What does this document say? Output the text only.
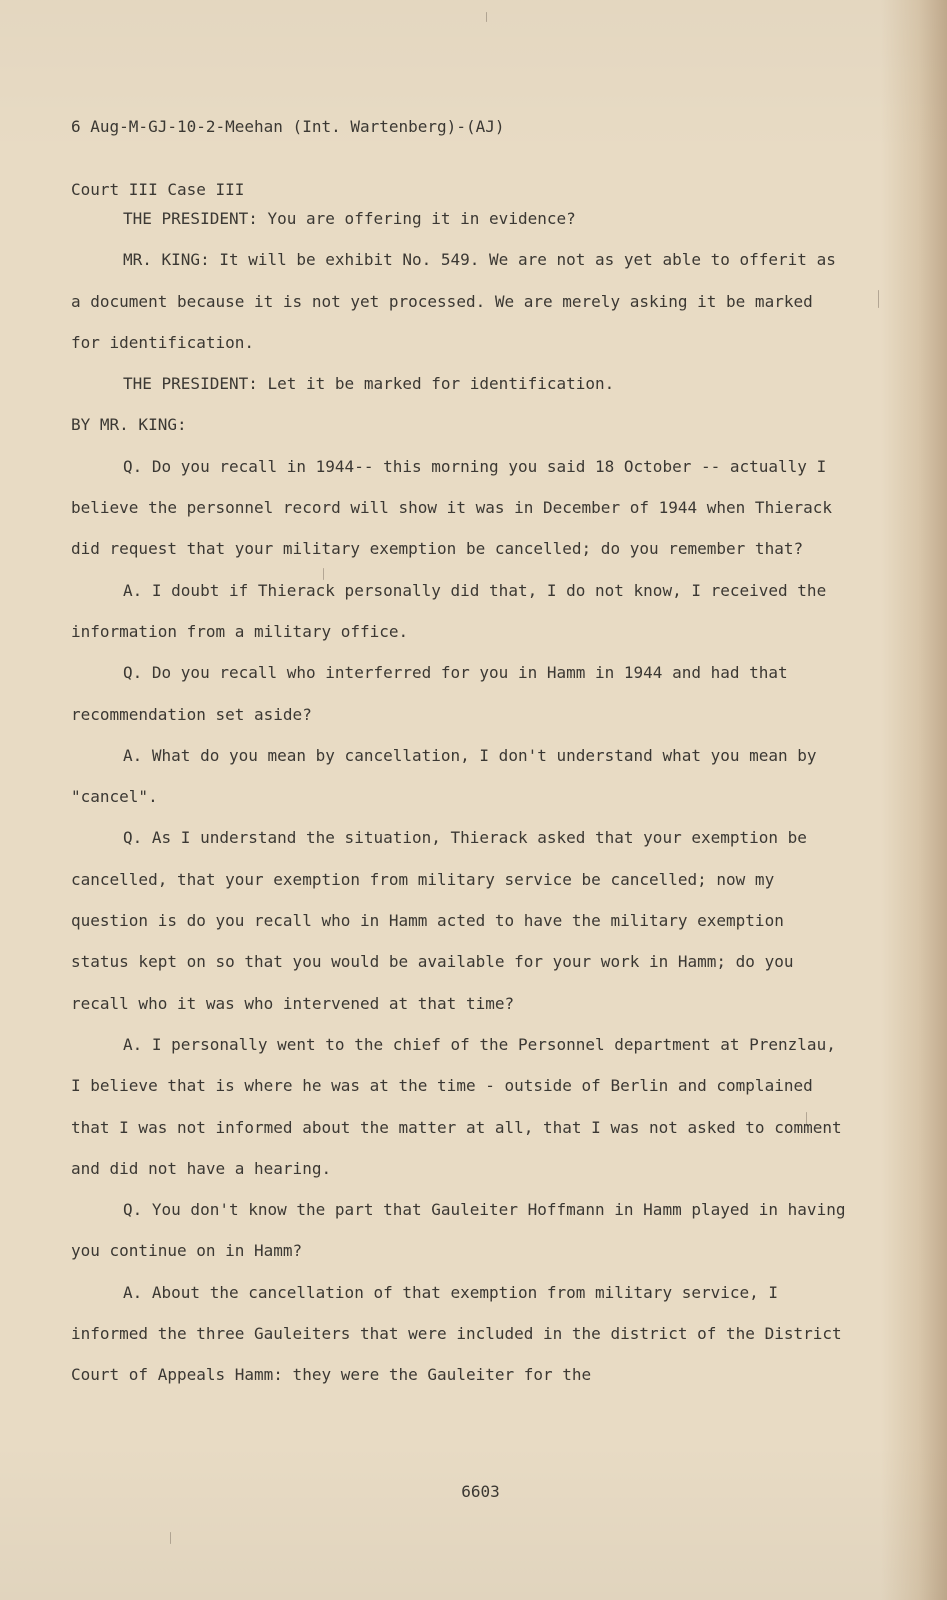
6 Aug-M-GJ-10-2-Meehan (Int. Wartenberg)-(AJ)

Court III Case III

THE PRESIDENT: You are offering it in evidence?

MR. KING: It will be exhibit No. 549. We are not as yet able to offerit as a document because it is not yet processed. We are merely asking it be marked for identification.

THE PRESIDENT: Let it be marked for identification.

BY MR. KING:

Q. Do you recall in 1944-- this morning you said 18 October -- actually I believe the personnel record will show it was in December of 1944 when Thierack did request that your military exemption be cancelled; do you remember that?

A. I doubt if Thierack personally did that, I do not know, I received the information from a military office.

Q. Do you recall who interferred for you in Hamm in 1944 and had that recommendation set aside?

A. What do you mean by cancellation, I don't understand what you mean by "cancel".

Q. As I understand the situation, Thierack asked that your exemption be cancelled, that your exemption from military service be cancelled; now my question is do you recall who in Hamm acted to have the military exemption status kept on so that you would be available for your work in Hamm; do you recall who it was who intervened at that time?

A. I personally went to the chief of the Personnel department at Prenzlau, I believe that is where he was at the time - outside of Berlin and complained that I was not informed about the matter at all, that I was not asked to comment and did not have a hearing.

Q. You don't know the part that Gauleiter Hoffmann in Hamm played in having you continue on in Hamm?

A. About the cancellation of that exemption from military service, I informed the three Gauleiters that were included in the district of the District Court of Appeals Hamm: they were the Gauleiter for the

6603
